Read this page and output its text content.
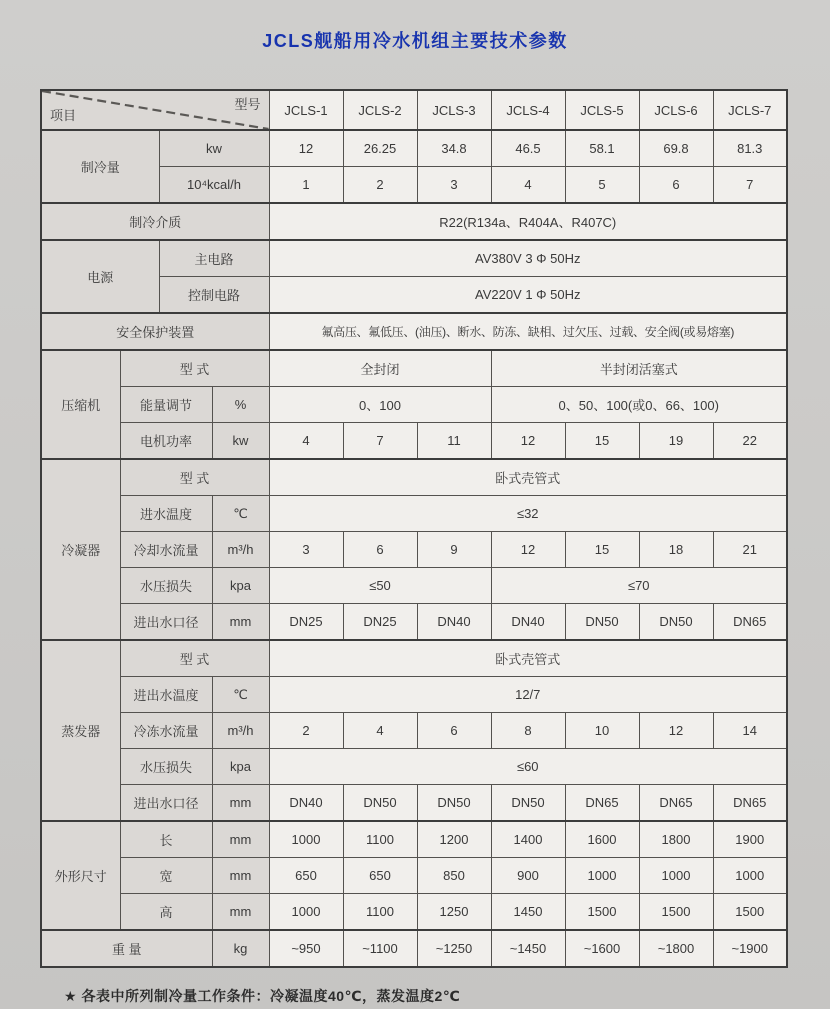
JCLS舰船用冷水机组主要技术参数
型号
项目				JCLS-1	JCLS-2	JCLS-3	JCLS-4	JCLS-5	JCLS-6	JCLS-7
制冷量		kw		12	26.25	34.8	46.5	58.1	69.8	81.3
		10⁴kcal/h		1	2	3	4	5	6	7
制冷介质				R22(R134a、R404A、R407C)						
电源		主电路		AV380V 3 Φ 50Hz						
		控制电路		AV220V 1 Φ 50Hz						
安全保护装置				氟高压、氟低压、(油压)、断水、防冻、缺相、过欠压、过载、安全阀(或易熔塞)						
压缩机	型 式			全封闭			半封闭活塞式			
	能量调节		%	0、100			0、50、100(或0、66、100)			
	电机功率		kw	4	7	11	12	15	19	22
冷凝器	型 式			卧式壳管式						
	进水温度		℃	≤32						
	冷却水流量		m³/h	3	6	9	12	15	18	21
	水压损失		kpa	≤50			≤70			
	进出水口径		mm	DN25	DN25	DN40	DN40	DN50	DN50	DN65
蒸发器	型 式			卧式壳管式						
	进出水温度		℃	12/7						
	冷冻水流量		m³/h	2	4	6	8	10	12	14
	水压损失		kpa	≤60						
	进出水口径		mm	DN40	DN50	DN50	DN50	DN65	DN65	DN65
外形尺寸	长		mm	1000	1100	1200	1400	1600	1800	1900
	宽		mm	650	650	850	900	1000	1000	1000
	高		mm	1000	1100	1250	1450	1500	1500	1500
重 量			kg	~950	~1100	~1250	~1450	~1600	~1800	~1900
★ 各表中所列制冷量工作条件：冷凝温度40℃，蒸发温度2℃
